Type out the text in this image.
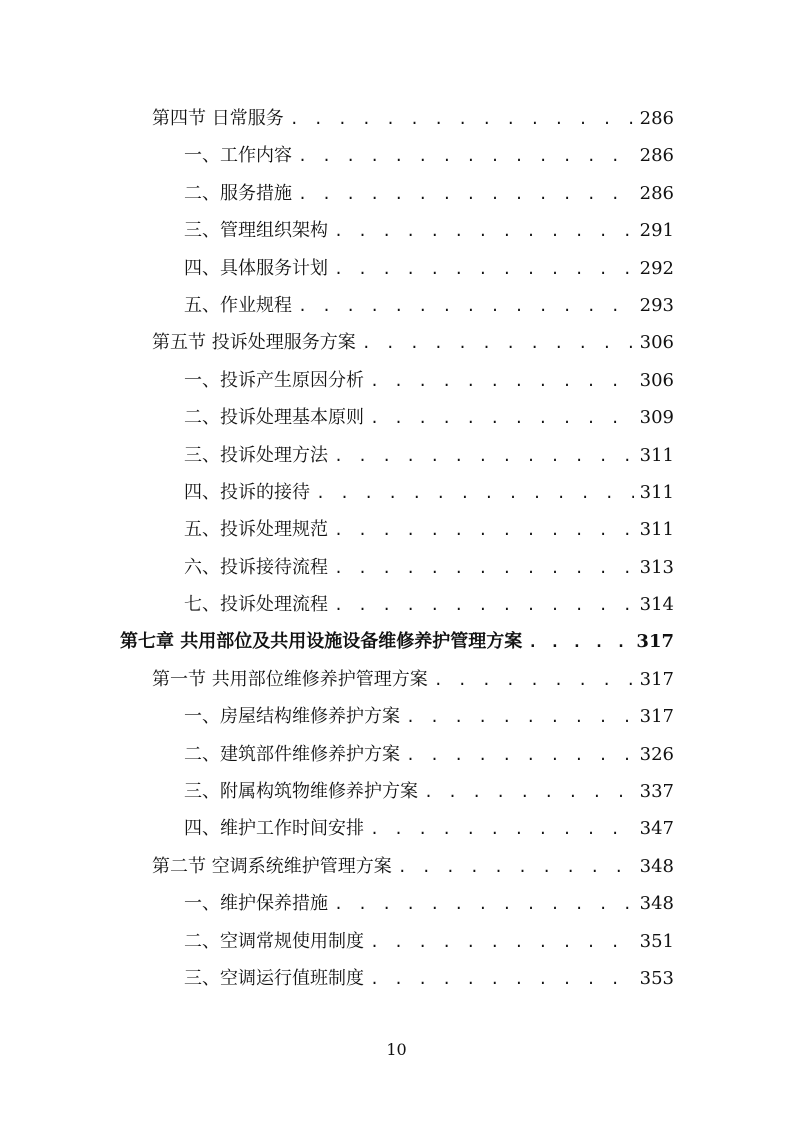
第四节 日常服务 . . .	286
一、工作内容 . . .	286
二、服务措施 . . .	286
三、管理组织架构 . . .	291
四、具体服务计划 . . .	292
五、作业规程 . . .	293
第五节 投诉处理服务方案 . . .	306
一、投诉产生原因分析 . . .	306
二、投诉处理基本原则 . . .	309
三、投诉处理方法 . . .	311
四、投诉的接待 . . .	311
五、投诉处理规范 . . .	311
六、投诉接待流程 . . .	313
七、投诉处理流程 . . .	314
第七章 共用部位及共用设施设备维修养护管理方案 . . .	317
第一节 共用部位维修养护管理方案 . . .	317
一、房屋结构维修养护方案 . . .	317
二、建筑部件维修养护方案 . . .	326
三、附属构筑物维修养护方案 . . .	337
四、维护工作时间安排 . . .	347
第二节 空调系统维护管理方案 . . .	348
一、维护保养措施 . . .	348
二、空调常规使用制度 . . .	351
三、空调运行值班制度 . . .	353
10
